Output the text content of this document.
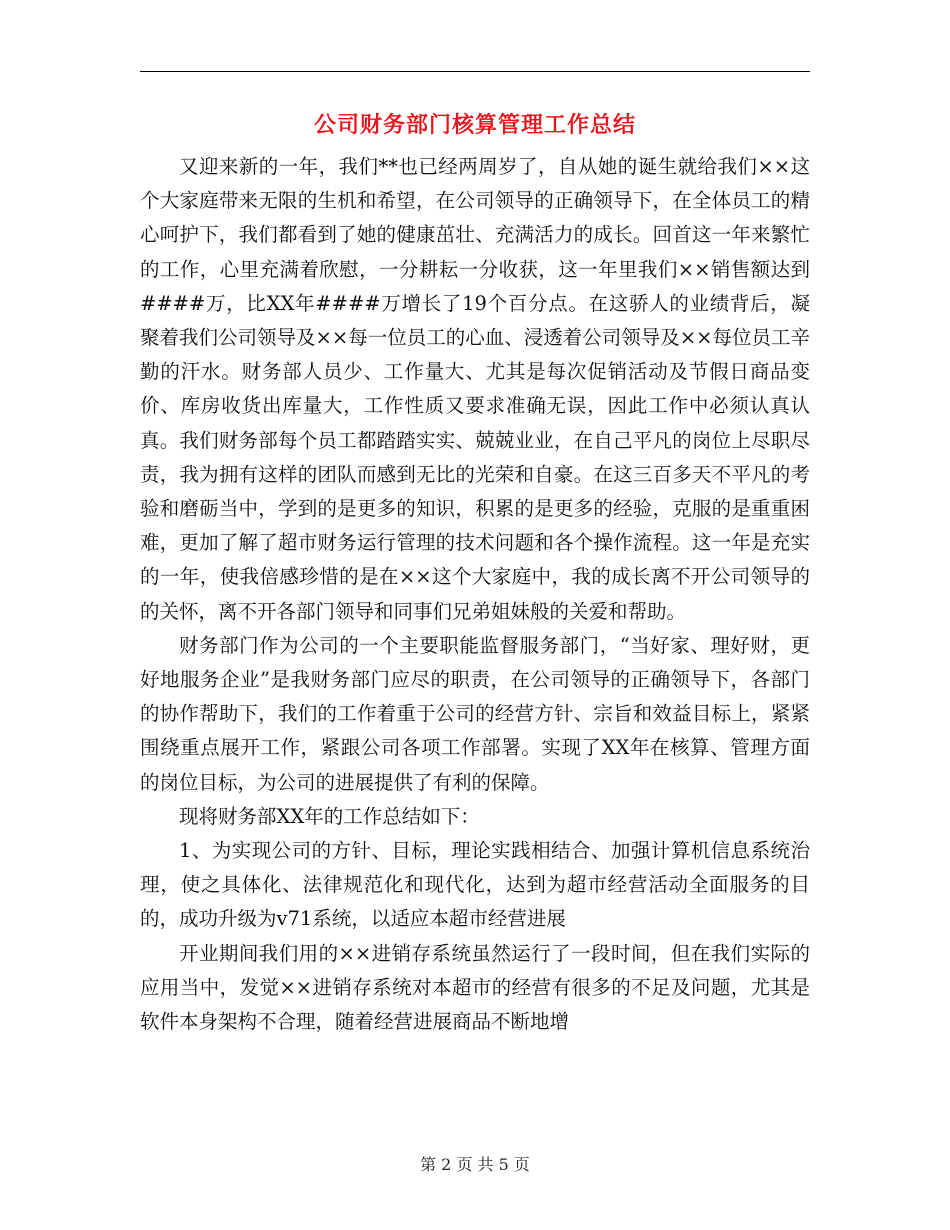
公司财务部门核算管理工作总结

又迎来新的一年，我们**也已经两周岁了，自从她的诞生就给我们××这个大家庭带来无限的生机和希望，在公司领导的正确领导下，在全体员工的精心呵护下，我们都看到了她的健康茁壮、充满活力的成长。回首这一年来繁忙的工作，心里充满着欣慰，一分耕耘一分收获，这一年里我们××销售额达到####万，比XX年####万增长了19个百分点。在这骄人的业绩背后，凝聚着我们公司领导及××每一位员工的心血、浸透着公司领导及××每位员工辛勤的汗水。财务部人员少、工作量大、尤其是每次促销活动及节假日商品变价、库房收货出库量大，工作性质又要求准确无误，因此工作中必须认真认真。我们财务部每个员工都踏踏实实、兢兢业业，在自己平凡的岗位上尽职尽责，我为拥有这样的团队而感到无比的光荣和自豪。在这三百多天不平凡的考验和磨砺当中，学到的是更多的知识，积累的是更多的经验，克服的是重重困难，更加了解了超市财务运行管理的技术问题和各个操作流程。这一年是充实的一年，使我倍感珍惜的是在××这个大家庭中，我的成长离不开公司领导的的关怀，离不开各部门领导和同事们兄弟姐妹般的关爱和帮助。

财务部门作为公司的一个主要职能监督服务部门，“当好家、理好财，更好地服务企业”是我财务部门应尽的职责，在公司领导的正确领导下，各部门的协作帮助下，我们的工作着重于公司的经营方针、宗旨和效益目标上，紧紧围绕重点展开工作，紧跟公司各项工作部署。实现了XX年在核算、管理方面的岗位目标，为公司的进展提供了有利的保障。

现将财务部XX年的工作总结如下：

1、为实现公司的方针、目标，理论实践相结合、加强计算机信息系统治理，使之具体化、法律规范化和现代化，达到为超市经营活动全面服务的目的，成功升级为v71系统，以适应本超市经营进展

开业期间我们用的××进销存系统虽然运行了一段时间，但在我们实际的应用当中，发觉××进销存系统对本超市的经营有很多的不足及问题，尤其是软件本身架构不合理，随着经营进展商品不断地增

第 2 页 共 5 页
